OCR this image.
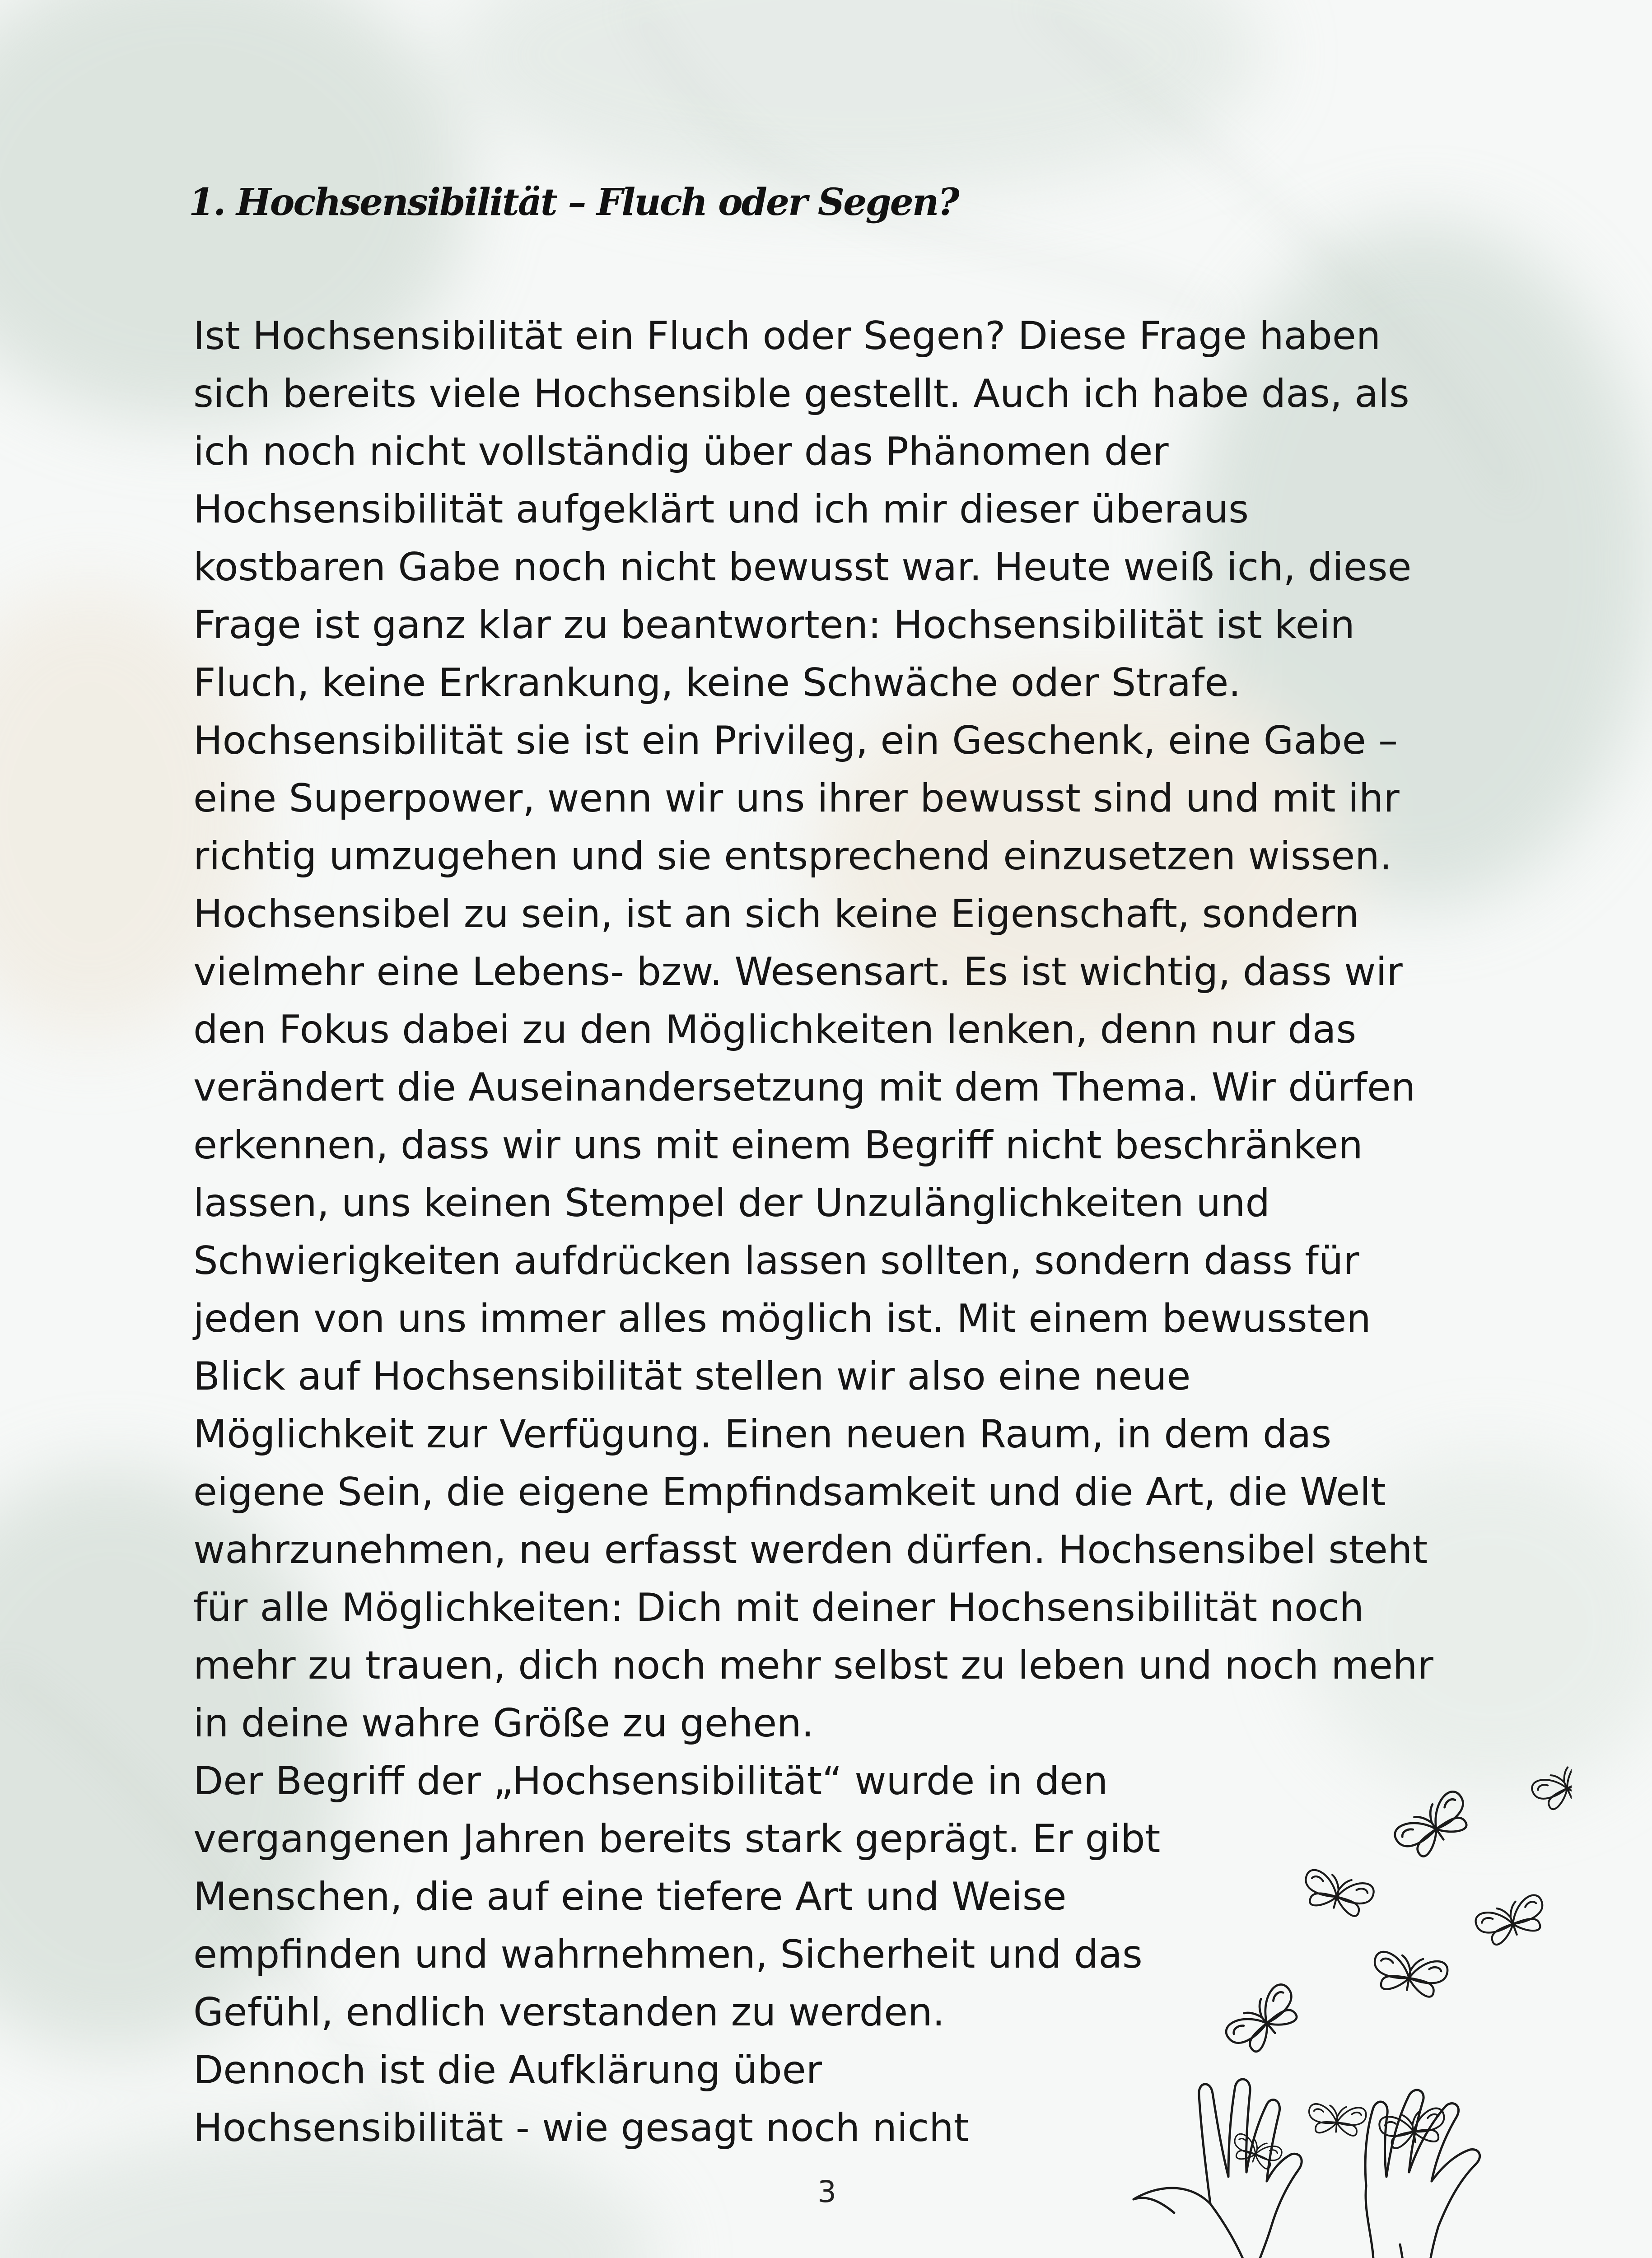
1. Hochsensibilität – Fluch oder Segen?

Ist Hochsensibilität ein Fluch oder Segen? Diese Frage haben

sich bereits viele Hochsensible gestellt. Auch ich habe das, als

ich noch nicht vollständig über das Phänomen der

Hochsensibilität aufgeklärt und ich mir dieser überaus

kostbaren Gabe noch nicht bewusst war. Heute weiß ich, diese

Frage ist ganz klar zu beantworten: Hochsensibilität ist kein

Fluch, keine Erkrankung, keine Schwäche oder Strafe.

Hochsensibilität sie ist ein Privileg, ein Geschenk, eine Gabe –

eine Superpower, wenn wir uns ihrer bewusst sind und mit ihr

richtig umzugehen und sie entsprechend einzusetzen wissen.

Hochsensibel zu sein, ist an sich keine Eigenschaft, sondern

vielmehr eine Lebens- bzw. Wesensart. Es ist wichtig, dass wir

den Fokus dabei zu den Möglichkeiten lenken, denn nur das

verändert die Auseinandersetzung mit dem Thema. Wir dürfen

erkennen, dass wir uns mit einem Begriff nicht beschränken

lassen, uns keinen Stempel der Unzulänglichkeiten und

Schwierigkeiten aufdrücken lassen sollten, sondern dass für

jeden von uns immer alles möglich ist. Mit einem bewussten

Blick auf Hochsensibilität stellen wir also eine neue

Möglichkeit zur Verfügung. Einen neuen Raum, in dem das

eigene Sein, die eigene Empfindsamkeit und die Art, die Welt

wahrzunehmen, neu erfasst werden dürfen. Hochsensibel steht

für alle Möglichkeiten: Dich mit deiner Hochsensibilität noch

mehr zu trauen, dich noch mehr selbst zu leben und noch mehr

in deine wahre Größe zu gehen.

Der Begriff der „Hochsensibilität“ wurde in den

vergangenen Jahren bereits stark geprägt. Er gibt

Menschen, die auf eine tiefere Art und Weise

empfinden und wahrnehmen, Sicherheit und das

Gefühl, endlich verstanden zu werden.

Dennoch ist die Aufklärung über

Hochsensibilität - wie gesagt noch nicht

3
